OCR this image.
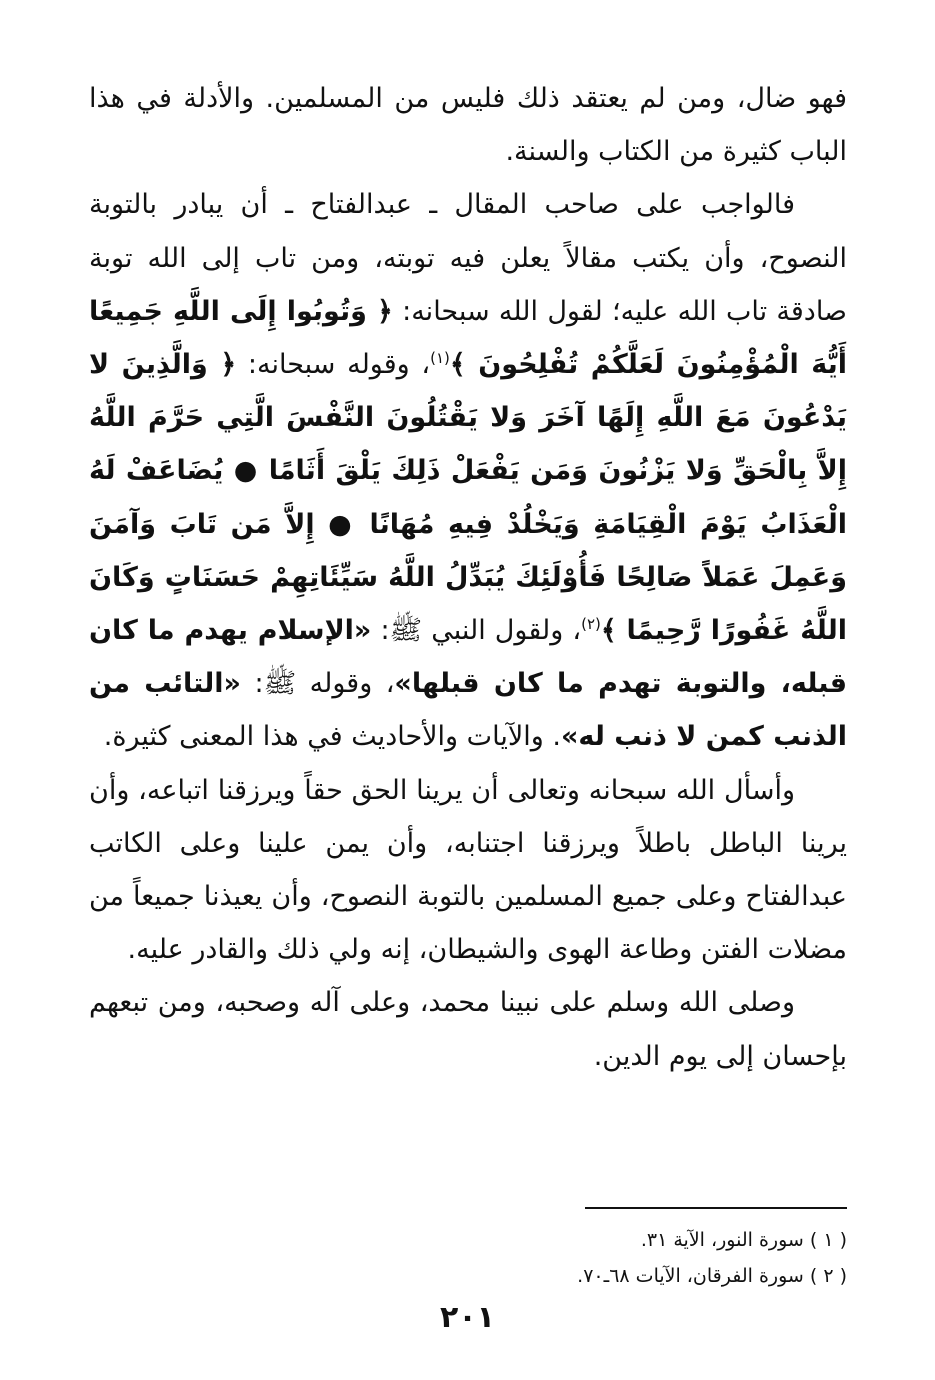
فهو ضال، ومن لم يعتقد ذلك فليس من المسلمين. والأدلة في هذا الباب كثيرة من الكتاب والسنة.

فالواجب على صاحب المقال ـ عبدالفتاح ـ أن يبادر بالتوبة النصوح، وأن يكتب مقالاً يعلن فيه توبته، ومن تاب إلى الله توبة صادقة تاب الله عليه؛ لقول الله سبحانه: ﴿ وَتُوبُوا إِلَى اللَّهِ جَمِيعًا أَيُّهَ الْمُؤْمِنُونَ لَعَلَّكُمْ تُفْلِحُونَ ﴾$^{(١)}$، وقوله سبحانه: ﴿ وَالَّذِينَ لا يَدْعُونَ مَعَ اللَّهِ إِلَهًا آخَرَ وَلا يَقْتُلُونَ النَّفْسَ الَّتِي حَرَّمَ اللَّهُ إِلاَّ بِالْحَقِّ وَلا يَزْنُونَ وَمَن يَفْعَلْ ذَلِكَ يَلْقَ أَثَامًا ● يُضَاعَفْ لَهُ الْعَذَابُ يَوْمَ الْقِيَامَةِ وَيَخْلُدْ فِيهِ مُهَانًا ● إِلاَّ مَن تَابَ وَآمَنَ وَعَمِلَ عَمَلاً صَالِحًا فَأُوْلَئِكَ يُبَدِّلُ اللَّهُ سَيِّئَاتِهِمْ حَسَنَاتٍ وَكَانَ اللَّهُ غَفُورًا رَّحِيمًا ﴾$^{(٢)}$، ولقول النبي ﷺ: «الإسلام يهدم ما كان قبله، والتوبة تهدم ما كان قبلها»، وقوله ﷺ: «التائب من الذنب كمن لا ذنب له». والآيات والأحاديث في هذا المعنى كثيرة.

وأسأل الله سبحانه وتعالى أن يرينا الحق حقاً ويرزقنا اتباعه، وأن يرينا الباطل باطلاً ويرزقنا اجتنابه، وأن يمن علينا وعلى الكاتب عبدالفتاح وعلى جميع المسلمين بالتوبة النصوح، وأن يعيذنا جميعاً من مضلات الفتن وطاعة الهوى والشيطان، إنه ولي ذلك والقادر عليه.

وصلى الله وسلم على نبينا محمد، وعلى آله وصحبه، ومن تبعهم بإحسان إلى يوم الدين.

( ١ ) سورة النور، الآية ٣١.
( ٢ ) سورة الفرقان، الآيات ٦٨ـ٧٠.
٢٠١
